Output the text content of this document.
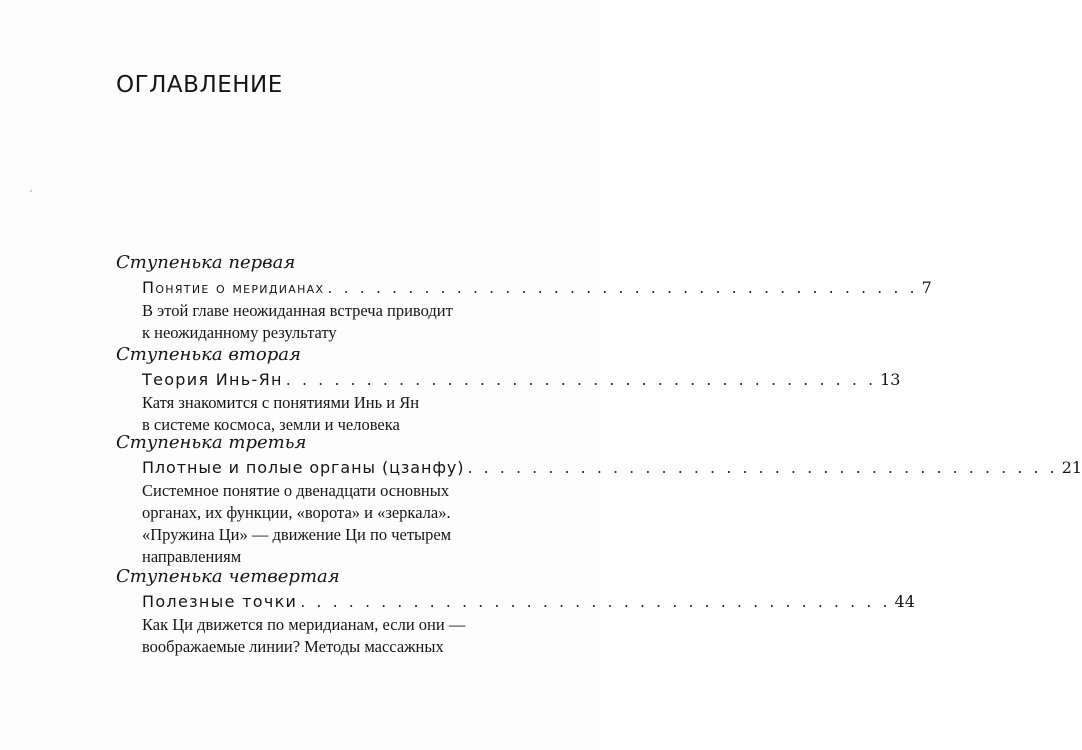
ОГЛАВЛЕНИЕ
Ступенька первая
Понятие о меридианах . . . . . . . . . . . . . . . . . . . . . . . . . . . . . . . . . . . . . 7
В этой главе неожиданная встреча приводит
к неожиданному результату
Ступенька вторая
Теория Инь-Ян . . . . . . . . . . . . . . . . . . . . . . . . . . . . . . . . . . . . . 13
Катя знакомится с понятиями Инь и Ян
в системе космоса, земли и человека
Ступенька третья
Плотные и полые органы (цзанфу) . . . . . . . . . . . . . . . . . . . . . . . . . . . . . . . . . . . . . 21
Системное понятие о двенадцати основных
органах, их функции, «ворота» и «зеркала».
«Пружина Ци» — движение Ци по четырем
направлениям
Ступенька четвертая
Полезные точки . . . . . . . . . . . . . . . . . . . . . . . . . . . . . . . . . . . . . 44
Как Ци движется по меридианам, если они —
воображаемые линии? Методы массажных
